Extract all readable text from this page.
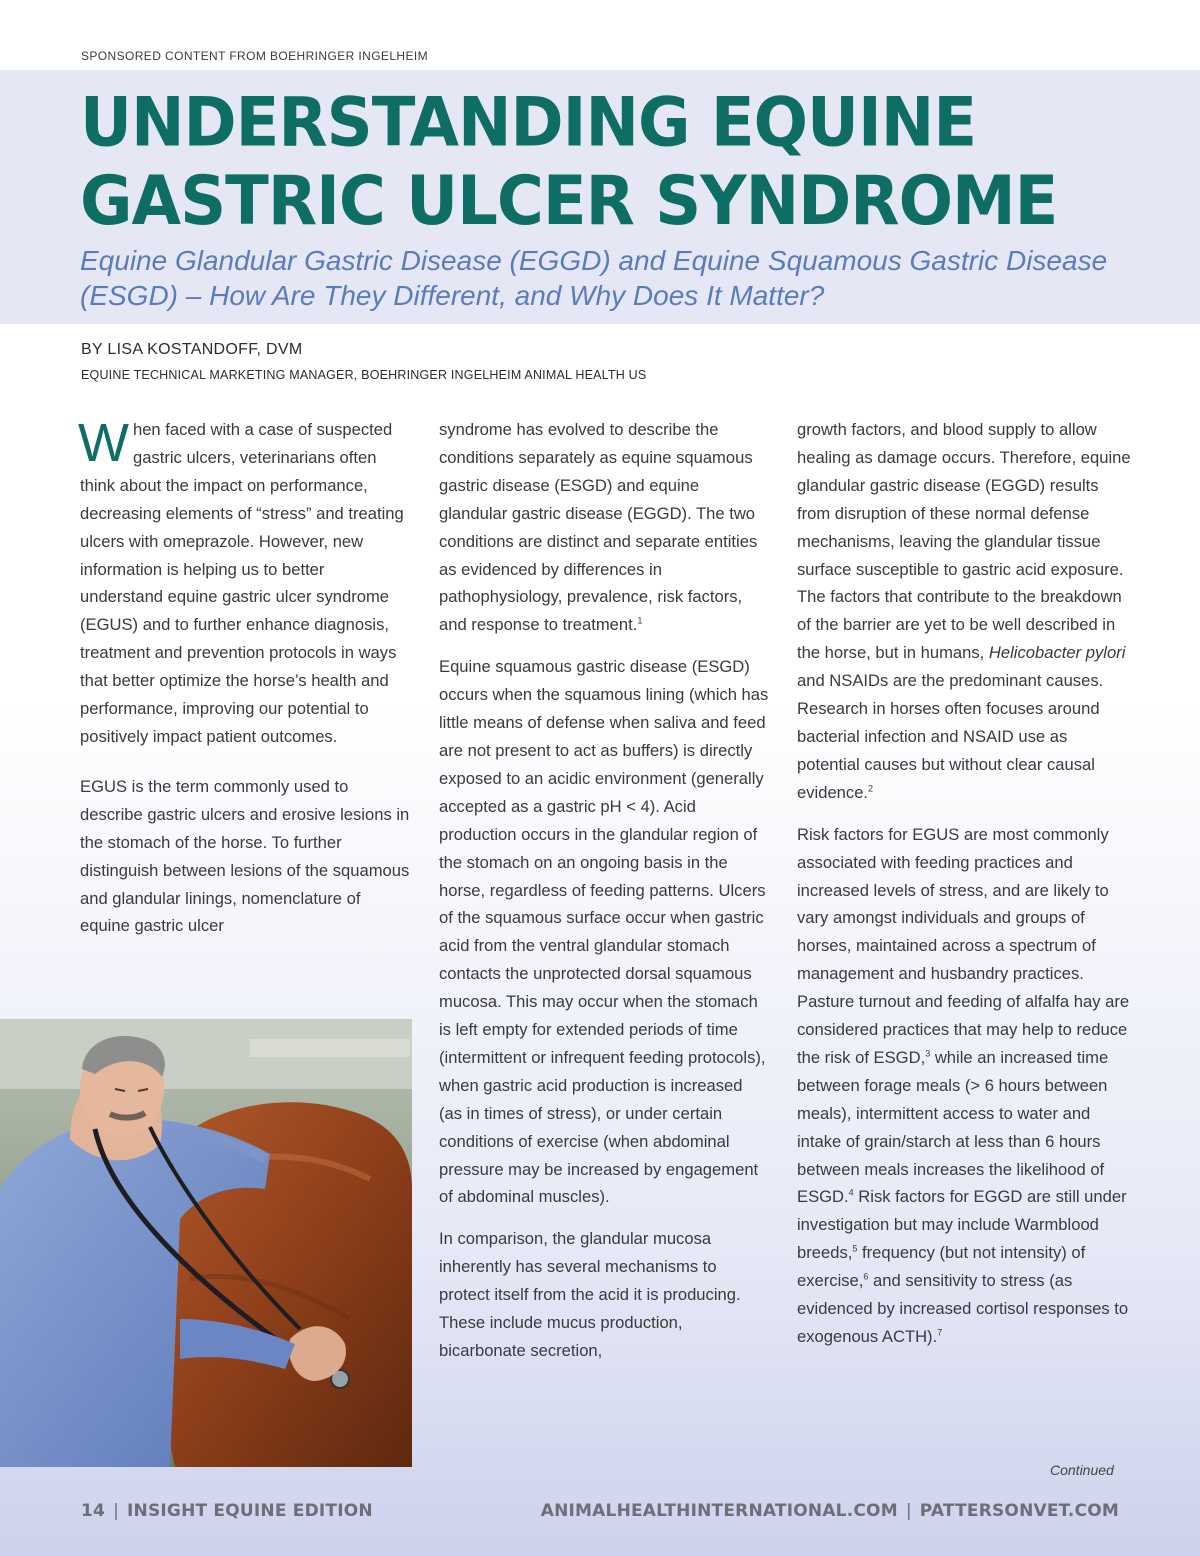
SPONSORED CONTENT FROM BOEHRINGER INGELHEIM
UNDERSTANDING EQUINE
GASTRIC ULCER SYNDROME

Equine Glandular Gastric Disease (EGGD) and Equine Squamous Gastric Disease (ESGD) – How Are They Different, and Why Does It Matter?

BY LISA KOSTANDOFF, DVM
EQUINE TECHNICAL MARKETING MANAGER, BOEHRINGER INGELHEIM ANIMAL HEALTH US

When faced with a case of suspected gastric ulcers, veterinarians often think about the impact on performance, decreasing elements of “stress” and treating ulcers with omeprazole. However, new information is helping us to better understand equine gastric ulcer syndrome (EGUS) and to further enhance diagnosis, treatment and prevention protocols in ways that better optimize the horse’s health and performance, improving our potential to positively impact patient outcomes.

EGUS is the term commonly used to describe gastric ulcers and erosive lesions in the stomach of the horse. To further distinguish between lesions of the squamous and glandular linings, nomenclature of equine gastric ulcer

syndrome has evolved to describe the conditions separately as equine squamous gastric disease (ESGD) and equine glandular gastric disease (EGGD). The two conditions are distinct and separate entities as evidenced by differences in pathophysiology, prevalence, risk factors, and response to treatment.$^1$

Equine squamous gastric disease (ESGD) occurs when the squamous lining (which has little means of defense when saliva and feed are not present to act as buffers) is directly exposed to an acidic environment (generally accepted as a gastric pH < 4). Acid production occurs in the glandular region of the stomach on an ongoing basis in the horse, regardless of feeding patterns. Ulcers of the squamous surface occur when gastric acid from the ventral glandular stomach contacts the unprotected dorsal squamous mucosa. This may occur when the stomach is left empty for extended periods of time (intermittent or infrequent feeding protocols), when gastric acid production is increased (as in times of stress), or under certain conditions of exercise (when abdominal pressure may be increased by engagement of abdominal muscles).

In comparison, the glandular mucosa inherently has several mechanisms to protect itself from the acid it is producing. These include mucus production, bicarbonate secretion,

growth factors, and blood supply to allow healing as damage occurs. Therefore, equine glandular gastric disease (EGGD) results from disruption of these normal defense mechanisms, leaving the glandular tissue surface susceptible to gastric acid exposure. The factors that contribute to the breakdown of the barrier are yet to be well described in the horse, but in humans, Helicobacter pylori and NSAIDs are the predominant causes. Research in horses often focuses around bacterial infection and NSAID use as potential causes but without clear causal evidence.$^2$

Risk factors for EGUS are most commonly associated with feeding practices and increased levels of stress, and are likely to vary amongst individuals and groups of horses, maintained across a spectrum of management and husbandry practices. Pasture turnout and feeding of alfalfa hay are considered practices that may help to reduce the risk of ESGD,$^3$ while an increased time between forage meals (> 6 hours between meals), intermittent access to water and intake of grain/starch at less than 6 hours between meals increases the likelihood of ESGD.$^4$ Risk factors for EGGD are still under investigation but may include Warmblood breeds,$^5$ frequency (but not intensity) of exercise,$^6$ and sensitivity to stress (as evidenced by increased cortisol responses to exogenous ACTH).$^7$

Continued
14 | INSIGHT EQUINE EDITION	ANIMALHEALTHINTERNATIONAL.COM | PATTERSONVET.COM
